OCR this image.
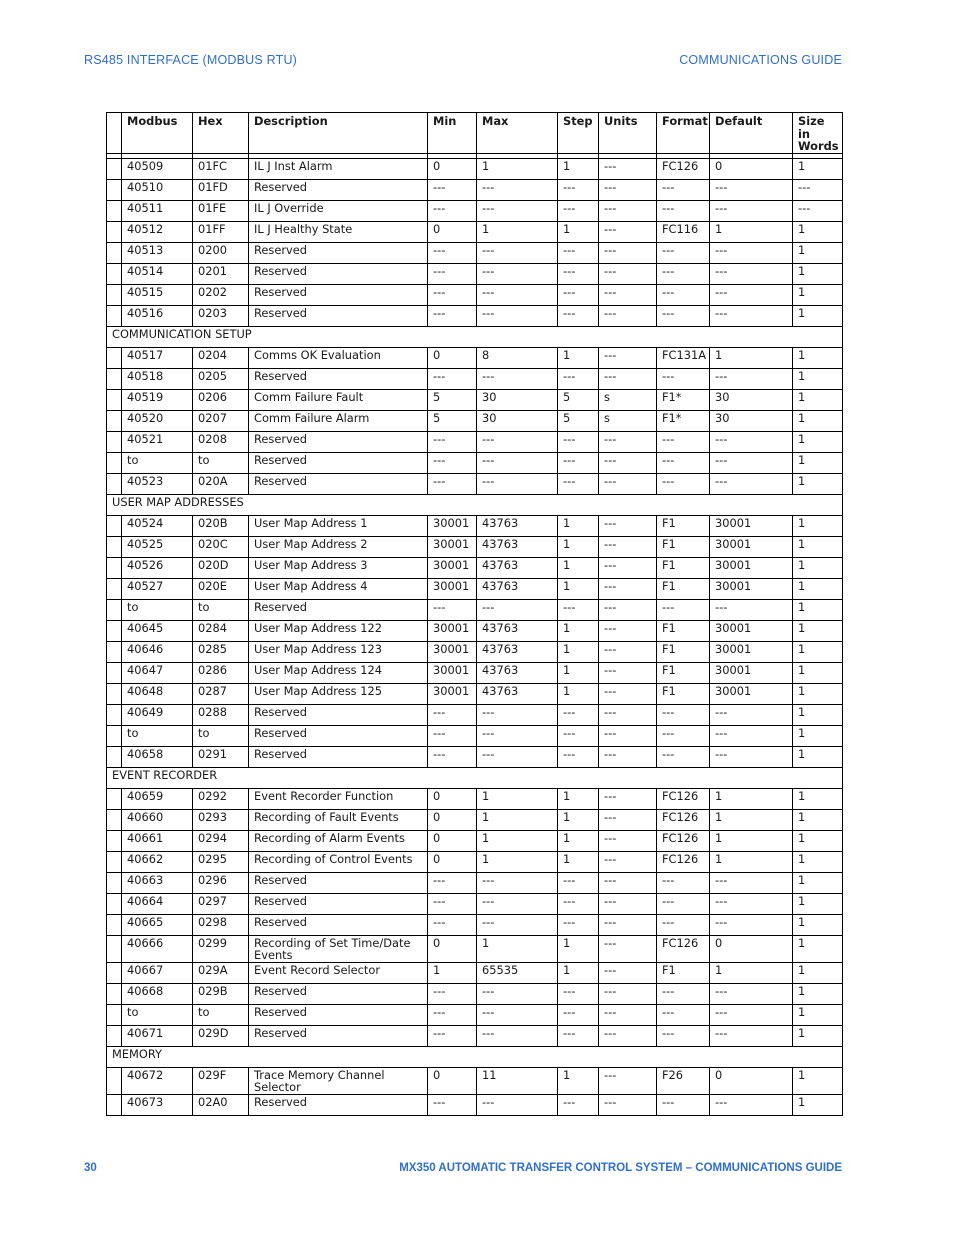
RS485 INTERFACE (MODBUS RTU)	COMMUNICATIONS GUIDE
	Modbus	Hex	Description	Min	Max	Step	Units	Format	Default	Size in Words

	40509	01FC	IL J Inst Alarm	0	1	1	---	FC126	0	1
	40510	01FD	Reserved	---	---	---	---	---	---	---
	40511	01FE	IL J Override	---	---	---	---	---	---	---
	40512	01FF	IL J Healthy State	0	1	1	---	FC116	1	1
	40513	0200	Reserved	---	---	---	---	---	---	1
	40514	0201	Reserved	---	---	---	---	---	---	1
	40515	0202	Reserved	---	---	---	---	---	---	1
	40516	0203	Reserved	---	---	---	---	---	---	1
COMMUNICATION SETUP										
	40517	0204	Comms OK Evaluation	0	8	1	---	FC131A	1	1
	40518	0205	Reserved	---	---	---	---	---	---	1
	40519	0206	Comm Failure Fault	5	30	5	s	F1*	30	1
	40520	0207	Comm Failure Alarm	5	30	5	s	F1*	30	1
	40521	0208	Reserved	---	---	---	---	---	---	1
	to	to	Reserved	---	---	---	---	---	---	1
	40523	020A	Reserved	---	---	---	---	---	---	1
USER MAP ADDRESSES										
	40524	020B	User Map Address 1	30001	43763	1	---	F1	30001	1
	40525	020C	User Map Address 2	30001	43763	1	---	F1	30001	1
	40526	020D	User Map Address 3	30001	43763	1	---	F1	30001	1
	40527	020E	User Map Address 4	30001	43763	1	---	F1	30001	1
	to	to	Reserved	---	---	---	---	---	---	1
	40645	0284	User Map Address 122	30001	43763	1	---	F1	30001	1
	40646	0285	User Map Address 123	30001	43763	1	---	F1	30001	1
	40647	0286	User Map Address 124	30001	43763	1	---	F1	30001	1
	40648	0287	User Map Address 125	30001	43763	1	---	F1	30001	1
	40649	0288	Reserved	---	---	---	---	---	---	1
	to	to	Reserved	---	---	---	---	---	---	1
	40658	0291	Reserved	---	---	---	---	---	---	1
EVENT RECORDER										
	40659	0292	Event Recorder Function	0	1	1	---	FC126	1	1
	40660	0293	Recording of Fault Events	0	1	1	---	FC126	1	1
	40661	0294	Recording of Alarm Events	0	1	1	---	FC126	1	1
	40662	0295	Recording of Control Events	0	1	1	---	FC126	1	1
	40663	0296	Reserved	---	---	---	---	---	---	1
	40664	0297	Reserved	---	---	---	---	---	---	1
	40665	0298	Reserved	---	---	---	---	---	---	1
	40666	0299	Recording of Set Time/Date Events	0	1	1	---	FC126	0	1
	40667	029A	Event Record Selector	1	65535	1	---	F1	1	1
	40668	029B	Reserved	---	---	---	---	---	---	1
	to	to	Reserved	---	---	---	---	---	---	1
	40671	029D	Reserved	---	---	---	---	---	---	1
MEMORY										
	40672	029F	Trace Memory Channel Selector	0	11	1	---	F26	0	1
	40673	02A0	Reserved	---	---	---	---	---	---	1
30	MX350 AUTOMATIC TRANSFER CONTROL SYSTEM – COMMUNICATIONS GUIDE
